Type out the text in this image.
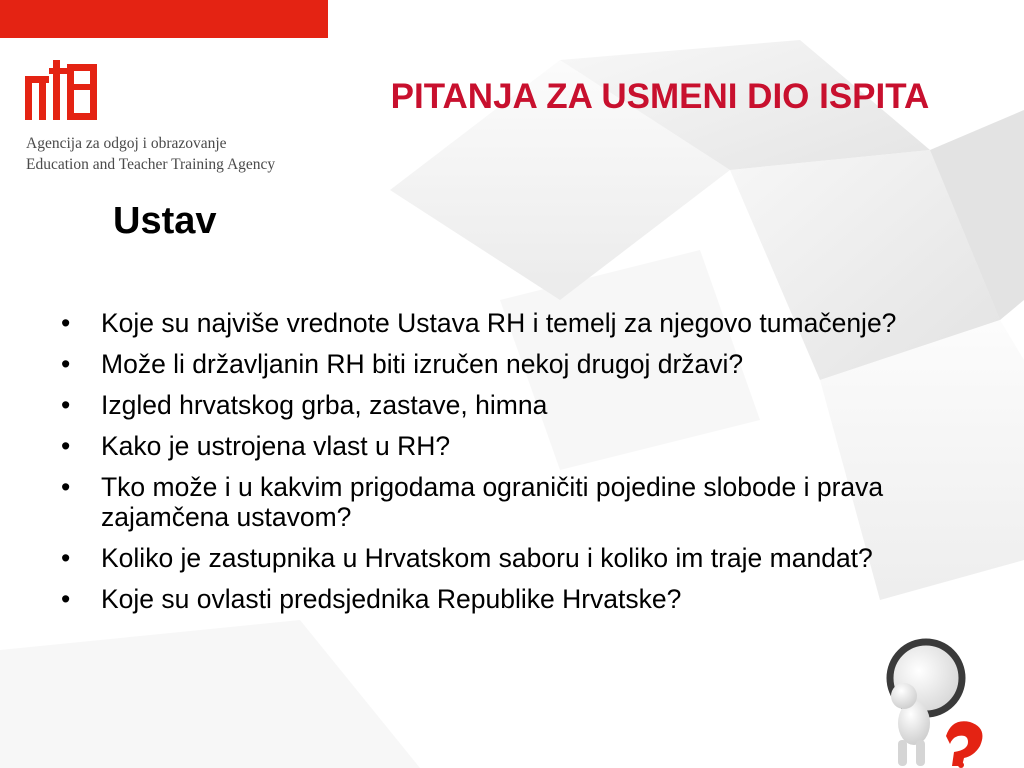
Agencija za odgoj i obrazovanje
Education and Teacher Training Agency
PITANJA ZA USMENI DIO ISPITA
Ustav
• Koje su najviše vrednote Ustava RH i temelj za njegovo tumačenje?
• Može li državljanin RH biti izručen nekoj drugoj državi?
• Izgled hrvatskog grba, zastave, himna
• Kako je ustrojena vlast u RH?
• Tko može i u kakvim prigodama ograničiti pojedine slobode i prava zajamčena ustavom?
• Koliko je zastupnika u Hrvatskom saboru i koliko im traje mandat?
• Koje su ovlasti predsjednika Republike Hrvatske?
